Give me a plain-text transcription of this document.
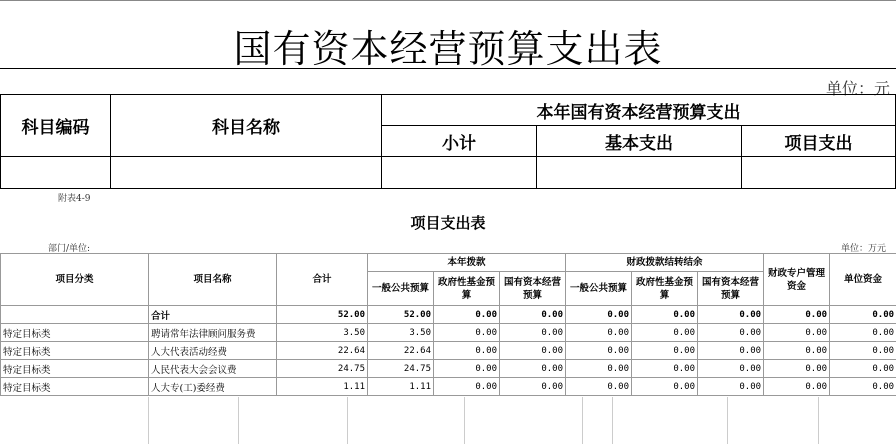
国有资本经营预算支出表
单位：元
科目编码	科目名称	本年国有资本经营预算支出		
		小计	基本支出	项目支出

附表4-9
项目支出表
部门/单位:	单位：万元
项目分类	项目名称	合计	本年拨款			财政拨款结转结余			财政专户管理资金	单位资金
			一般公共预算	政府性基金预算	国有资本经营预算	一般公共预算	政府性基金预算	国有资本经营预算		
	合计	52.00	52.00	0.00	0.00	0.00	0.00	0.00	0.00	0.00
特定目标类	聘请常年法律顾问服务费	3.50	3.50	0.00	0.00	0.00	0.00	0.00	0.00	0.00
特定目标类	人大代表活动经费	22.64	22.64	0.00	0.00	0.00	0.00	0.00	0.00	0.00
特定目标类	人民代表大会会议费	24.75	24.75	0.00	0.00	0.00	0.00	0.00	0.00	0.00
特定目标类	人大专(工)委经费	1.11	1.11	0.00	0.00	0.00	0.00	0.00	0.00	0.00
